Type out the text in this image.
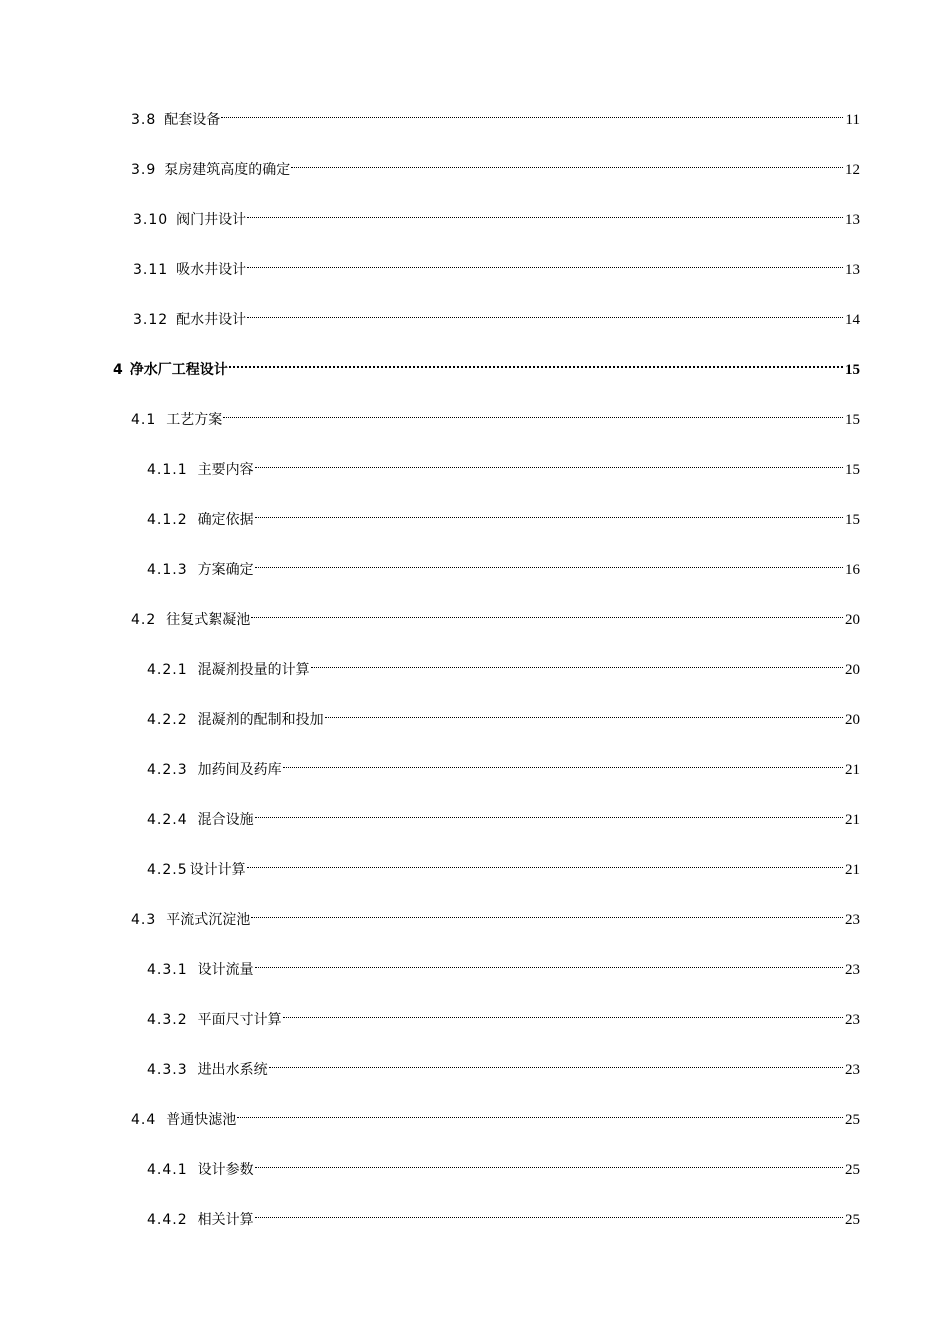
3.8 配套设备	11
3.9 泵房建筑高度的确定	12
3.10 阀门井设计	13
3.11 吸水井设计	13
3.12 配水井设计	14
4 净水厂工程设计	15
4.1 工艺方案	15
4.1.1 主要内容	15
4.1.2 确定依据	15
4.1.3 方案确定	16
4.2 往复式絮凝池	20
4.2.1 混凝剂投量的计算	20
4.2.2 混凝剂的配制和投加	20
4.2.3 加药间及药库	21
4.2.4 混合设施	21
4.2.5 设计计算	21
4.3 平流式沉淀池	23
4.3.1 设计流量	23
4.3.2 平面尺寸计算	23
4.3.3 进出水系统	23
4.4 普通快滤池	25
4.4.1 设计参数	25
4.4.2 相关计算	25
